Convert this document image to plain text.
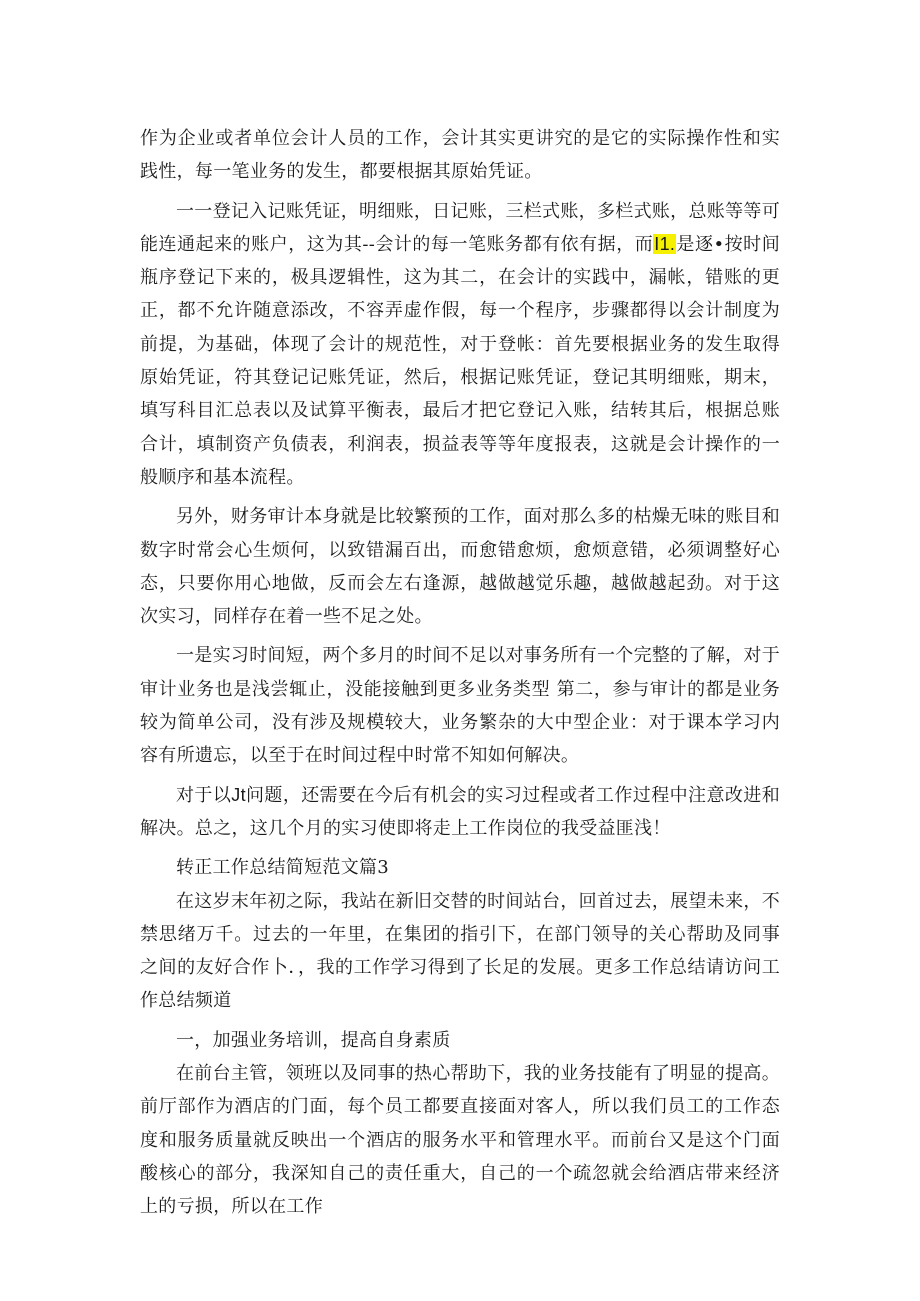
作为企业或者单位会计人员的工作，会计其实更讲究的是它的实际操作性和实践性，每一笔业务的发生，都要根据其原始凭证。

一一登记入记账凭证，明细账，日记账，三栏式账，多栏式账，总账等等可能连通起来的账户，这为其--会计的每一笔账务都有依有据，而I1.是逐•按时间瓶序登记下来的，极具逻辑性，这为其二，在会计的实践中，漏帐，错账的更正，都不允许随意添改，不容弄虚作假，每一个程序，步骤都得以会计制度为前提，为基础，体现了会计的规范性，对于登帐：首先要根据业务的发生取得原始凭证，符其登记记账凭证，然后，根据记账凭证，登记其明细账，期末，填写科目汇总表以及试算平衡表，最后才把它登记入账，结转其后，根据总账合计，填制资产负债表，利润表，损益表等等年度报表，这就是会计操作的一般顺序和基本流程。

另外，财务审计本身就是比较繁预的工作，面对那么多的枯燥无味的账目和数字时常会心生烦何，以致错漏百出，而愈错愈烦，愈烦意错，必须调整好心态，只要你用心地做，反而会左右逢源，越做越觉乐趣，越做越起劲。对于这次实习，同样存在着一些不足之处。

一是实习时间短，两个多月的时间不足以对事务所有一个完整的了解，对于审计业务也是浅尝辄止，没能接触到更多业务类型 第二，参与审计的都是业务较为简单公司，没有涉及规模较大，业务繁杂的大中型企业：对于课本学习内容有所遗忘，以至于在时间过程中时常不知如何解决。

对于以Jt问题，还需要在今后有机会的实习过程或者工作过程中注意改进和解决。总之，这几个月的实习使即将走上工作岗位的我受益匪浅！

转正工作总结简短范文篇3

在这岁末年初之际，我站在新旧交替的时间站台，回首过去，展望未来，不禁思绪万千。过去的一年里，在集团的指引下，在部门领导的关心帮助及同事之间的友好合作卜．，我的工作学习得到了长足的发展。更多工作总结请访问工作总结频道

一，加强业务培训，提高自身素质

在前台主管，领班以及同事的热心帮助下，我的业务技能有了明显的提高。前厅部作为酒店的门面，每个员工都要直接面对客人，所以我们员工的工作态度和服务质量就反映出一个酒店的服务水平和管理水平。而前台又是这个门面酸核心的部分，我深知自己的责任重大，自己的一个疏忽就会给酒店带来经济上的亏损，所以在工作
